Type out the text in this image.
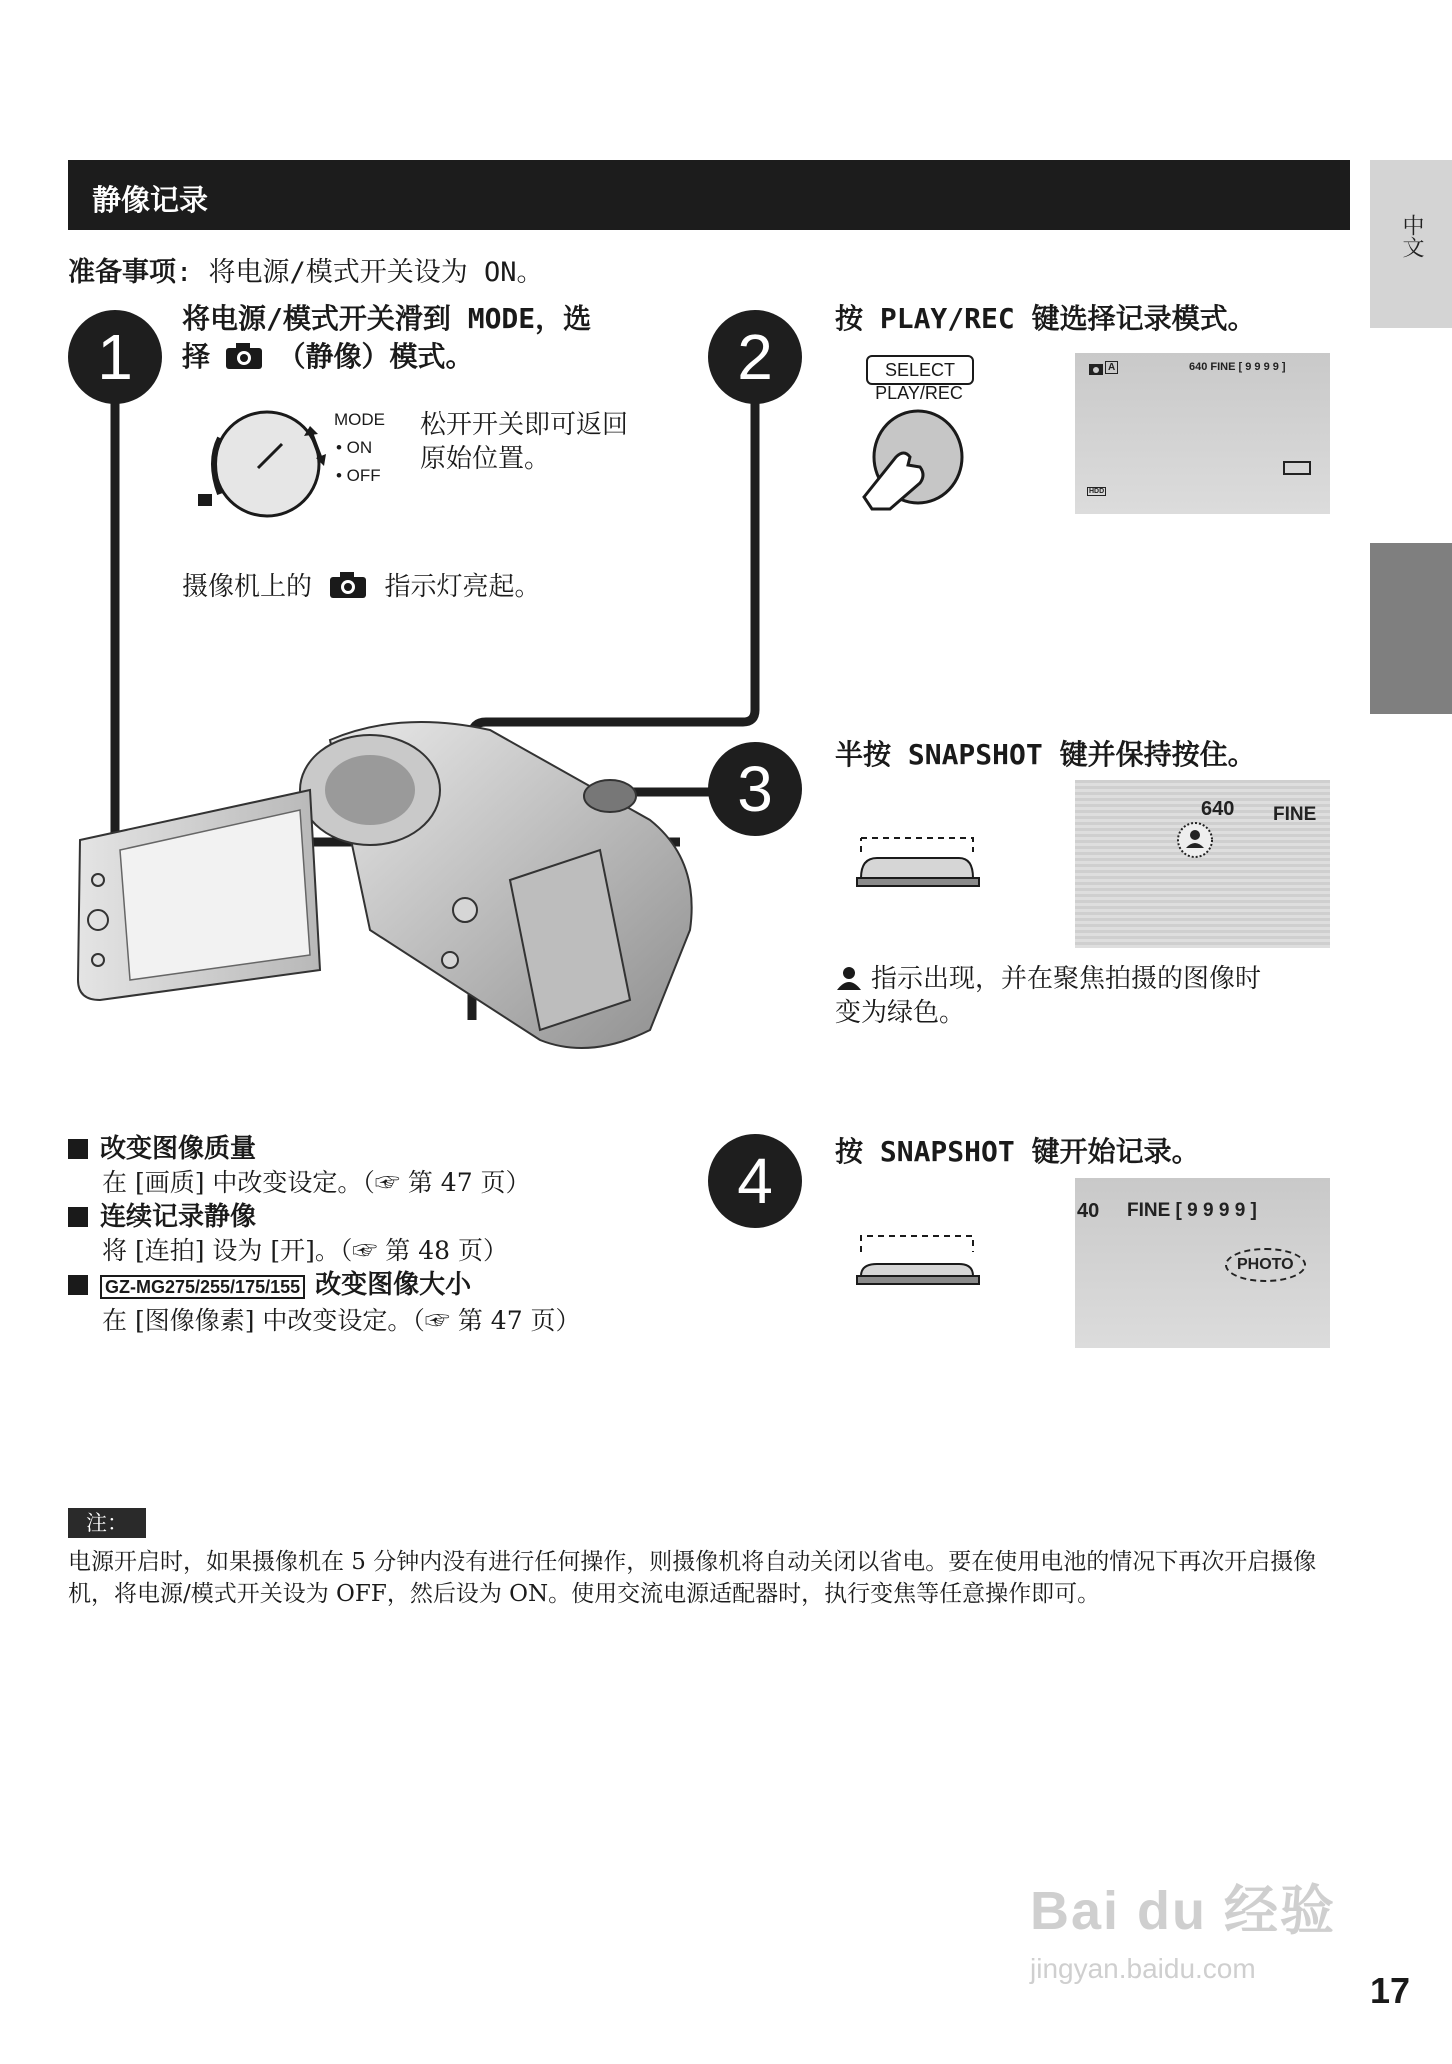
静像记录
中文
准备事项: 将电源/模式开关设为 ON。
1
将电源/模式开关滑到 MODE，选
择 （静像）模式。
MODE
• ON
• OFF
松开开关即可返回
原始位置。
摄像机上的	指示灯亮起。
2
按 PLAY/REC 键选择记录模式。
SELECT
PLAY/REC
A	640 FINE [ 9 9 9 9 ]
HDD
3	半按 SNAPSHOT 键并保持按住。
640 FINE
指示出现，并在聚焦拍摄的图像时
变为绿色。
4	按 SNAPSHOT 键开始记录。
40 FINE [ 9 9 9 9 ]
PHOTO
改变图像质量
在 [画质] 中改变设定。（☞ 第 47 页）
连续记录静像
将 [连拍] 设为 [开]。（☞ 第 48 页）
GZ-MG275/255/175/155 改变图像大小
在 [图像像素] 中改变设定。（☞ 第 47 页）
注：
电源开启时，如果摄像机在 5 分钟内没有进行任何操作，则摄像机将自动关闭以省电。要在使用电池的情况下再次开启摄像机，将电源/模式开关设为 OFF，然后设为 ON。使用交流电源适配器时，执行变焦等任意操作即可。
Bai du 经验
jingyan.baidu.com
17
